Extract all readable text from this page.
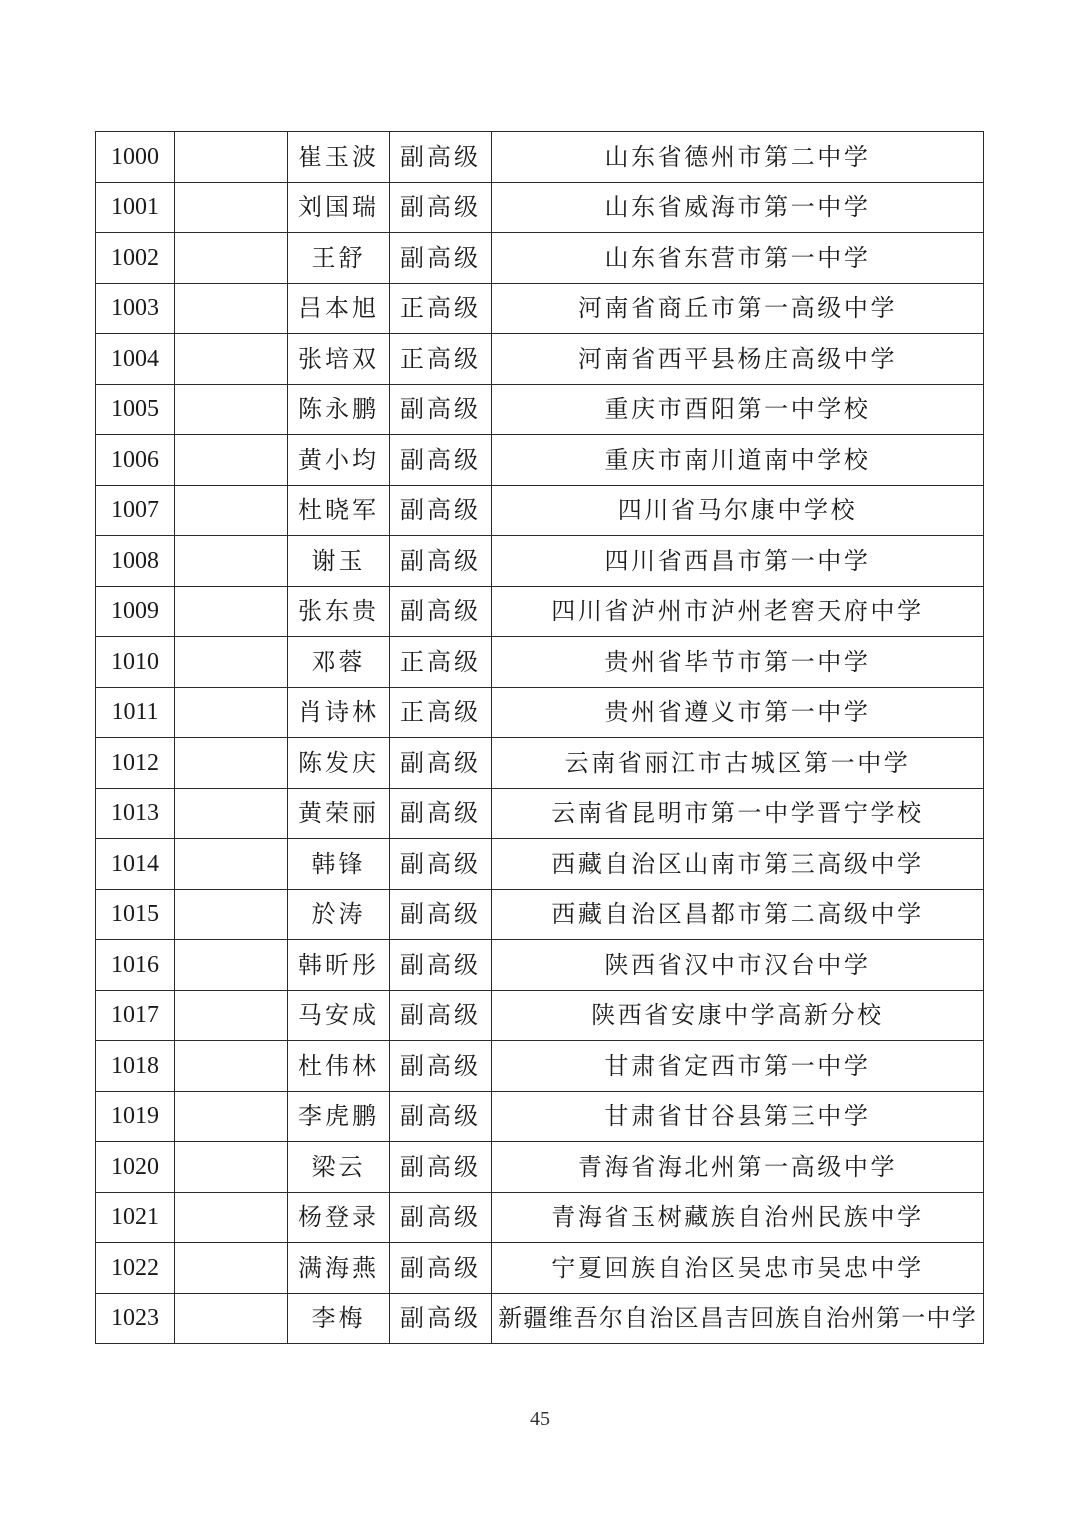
1000		崔玉波	副高级	山东省德州市第二中学
1001		刘国瑞	副高级	山东省威海市第一中学
1002		王舒	副高级	山东省东营市第一中学
1003		吕本旭	正高级	河南省商丘市第一高级中学
1004		张培双	正高级	河南省西平县杨庄高级中学
1005		陈永鹏	副高级	重庆市酉阳第一中学校
1006		黄小均	副高级	重庆市南川道南中学校
1007		杜晓军	副高级	四川省马尔康中学校
1008		谢玉	副高级	四川省西昌市第一中学
1009		张东贵	副高级	四川省泸州市泸州老窖天府中学
1010		邓蓉	正高级	贵州省毕节市第一中学
1011		肖诗林	正高级	贵州省遵义市第一中学
1012		陈发庆	副高级	云南省丽江市古城区第一中学
1013		黄荣丽	副高级	云南省昆明市第一中学晋宁学校
1014		韩锋	副高级	西藏自治区山南市第三高级中学
1015		於涛	副高级	西藏自治区昌都市第二高级中学
1016		韩昕彤	副高级	陕西省汉中市汉台中学
1017		马安成	副高级	陕西省安康中学高新分校
1018		杜伟林	副高级	甘肃省定西市第一中学
1019		李虎鹏	副高级	甘肃省甘谷县第三中学
1020		梁云	副高级	青海省海北州第一高级中学
1021		杨登录	副高级	青海省玉树藏族自治州民族中学
1022		满海燕	副高级	宁夏回族自治区吴忠市吴忠中学
1023		李梅	副高级	新疆维吾尔自治区昌吉回族自治州第一中学
45
